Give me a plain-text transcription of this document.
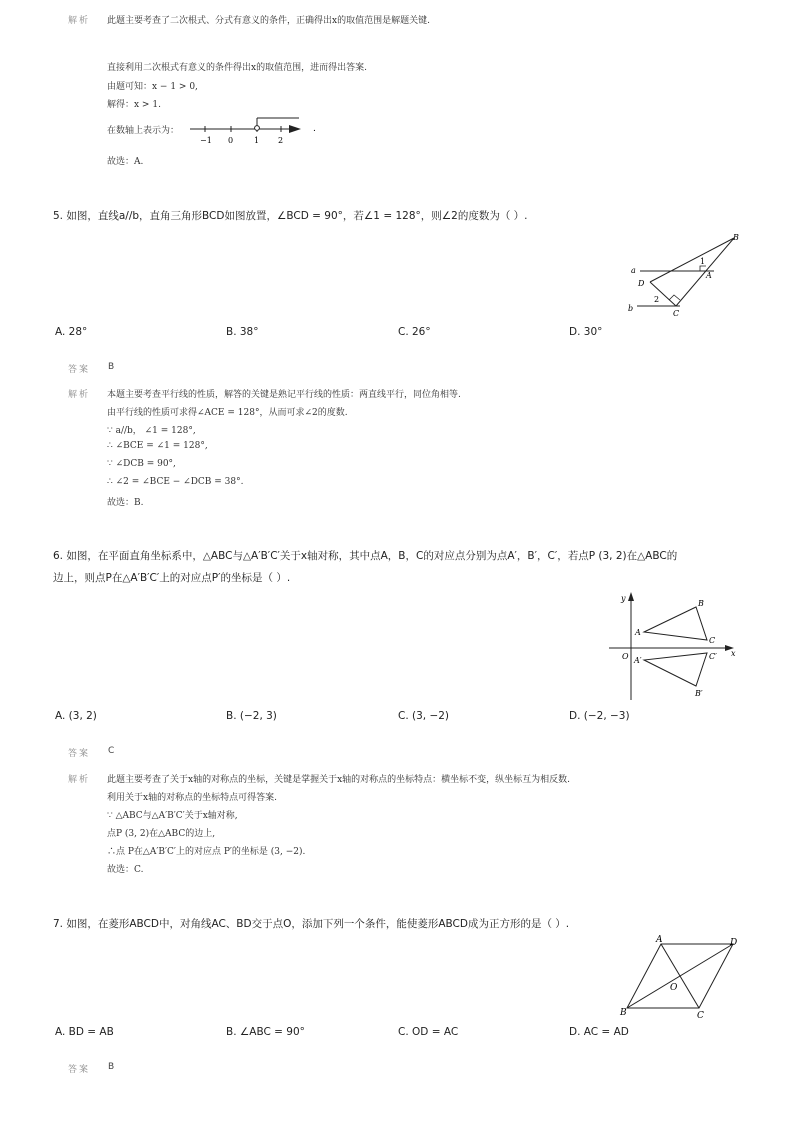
解析 此题主要考查了二次根式、分式有意义的条件，正确得出x的取值范围是解题关键.
直接利用二次根式有意义的条件得出x的取值范围，进而得出答案.
由题可知：x − 1 > 0,
解得：x > 1.
在数轴上表示为：
−1 0	1 2
.
故选：A.
5. 如图，直线a//b，直角三角形BCD如图放置，∠BCD = 90°，若∠1 = 128°，则∠2的度数为（ ）.
B
a
1
A
D
2
b
C
A. 28°	B. 38°	C. 26°	D. 30°
答案 B
解析 本题主要考查平行线的性质，解答的关键是熟记平行线的性质：两直线平行，同位角相等.
由平行线的性质可求得∠ACE = 128°，从而可求∠2的度数.
∵ a//b， ∠1 = 128°,
∴ ∠BCE = ∠1 = 128°,
∵ ∠DCB = 90°,
∴ ∠2 = ∠BCE − ∠DCB = 38°.
故选：B.
6. 如图，在平面直角坐标系中，△ABC与△A′B′C′关于x轴对称，其中点A，B，C的对应点分别为点A′，B′，C′，若点P (3, 2)在△ABC的
边上，则点P在△A′B′C′上的对应点P′的坐标是（ ）.
y
x
O
A
B
C
A′
B′
C′
A. (3, 2)	B. (−2, 3)	C. (3, −2)	D. (−2, −3)
答案 C
解析 此题主要考查了关于x轴的对称点的坐标，关键是掌握关于x轴的对称点的坐标特点：横坐标不变，纵坐标互为相反数.
利用关于x轴的对称点的坐标特点可得答案.
∵ △ABC与△A′B′C′关于x轴对称,
点P (3, 2)在△ABC的边上,
∴点 P在△A′B′C′上的对应点 P′的坐标是 (3, −2).
故选：C.
7. 如图，在菱形ABCD中，对角线AC、BD交于点O，添加下列一个条件，能使菱形ABCD成为正方形的是（ ）.
A	D
O
B	C
A. BD = AB	B. ∠ABC = 90°	C. OD = AC	D. AC = AD
答案 B
